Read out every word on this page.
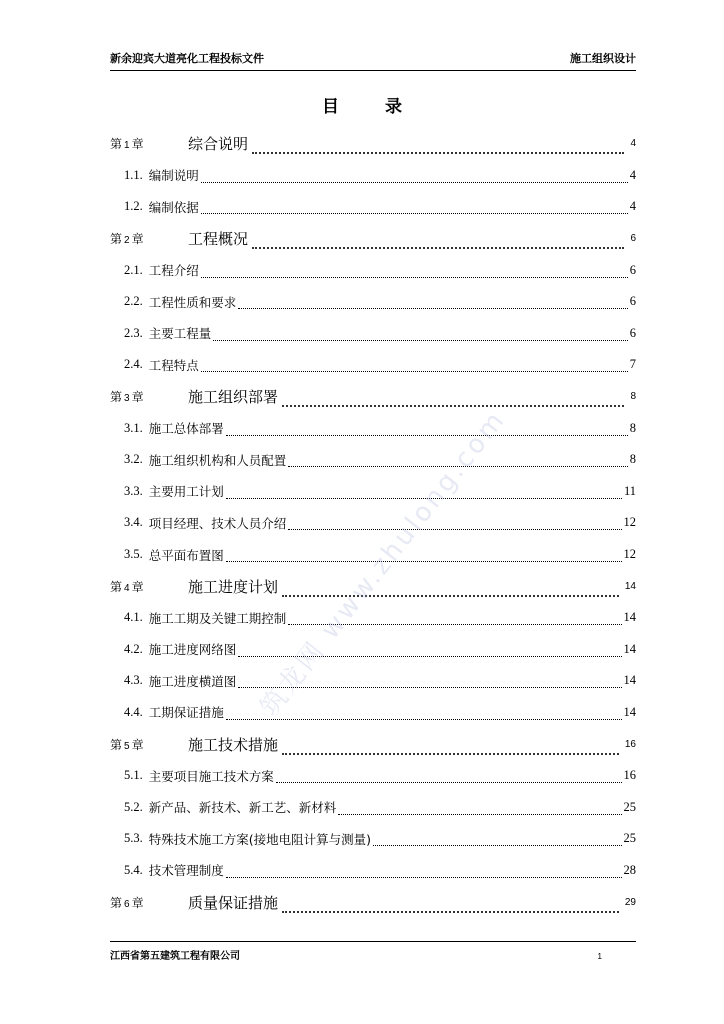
新余迎宾大道亮化工程投标文件	施工组织设计
目 录
第 1 章	综合说明	4
1.1. 编制说明	4
1.2. 编制依据	4
第 2 章	工程概况	6
2.1. 工程介绍	6
2.2. 工程性质和要求	6
2.3. 主要工程量	6
2.4. 工程特点	7
第 3 章	施工组织部署	8
3.1. 施工总体部署	8
3.2. 施工组织机构和人员配置	8
3.3. 主要用工计划	11
3.4. 项目经理、技术人员介绍	12
3.5. 总平面布置图	12
第 4 章	施工进度计划	14
4.1. 施工工期及关键工期控制	14
4.2. 施工进度网络图	14
4.3. 施工进度横道图	14
4.4. 工期保证措施	14
第 5 章	施工技术措施	16
5.1. 主要项目施工技术方案	16
5.2. 新产品、新技术、新工艺、新材料	25
5.3. 特殊技术施工方案(接地电阻计算与测量)	25
5.4. 技术管理制度	28
第 6 章	质量保证措施	29
筑龙网 www.zhulong.com
江西省第五建筑工程有限公司	1
